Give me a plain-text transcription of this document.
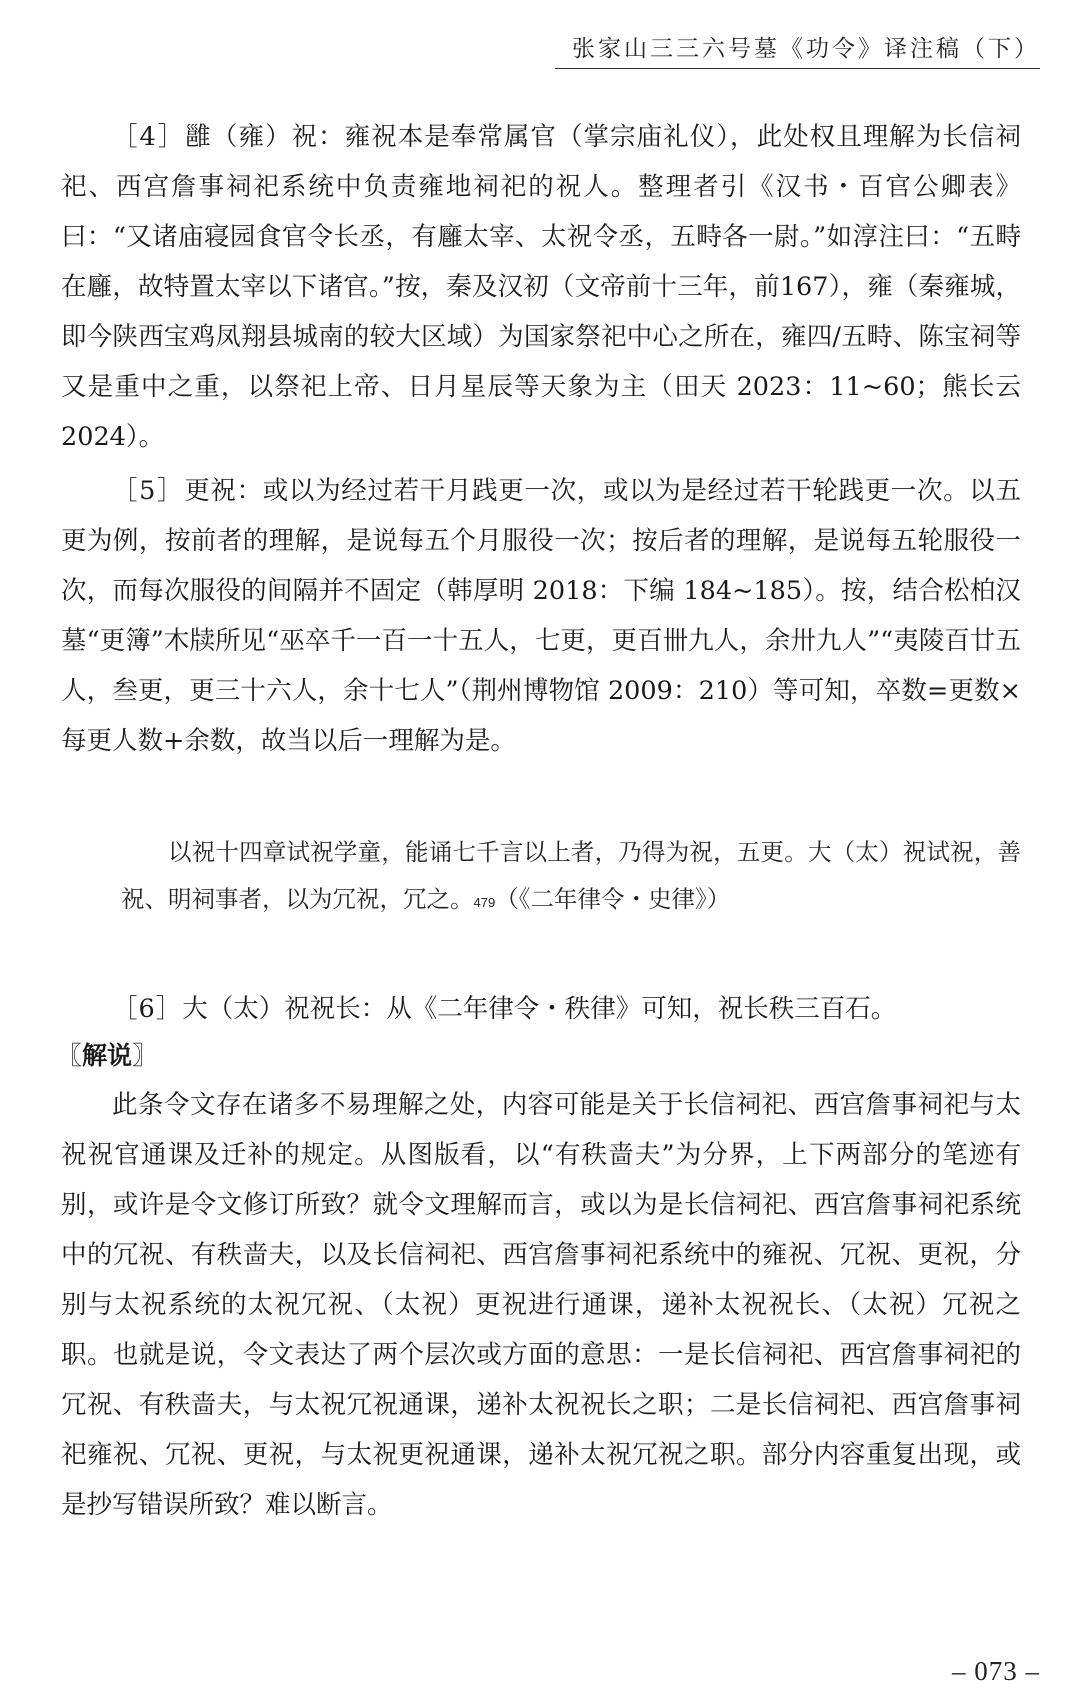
张家山三三六号墓《功令》译注稿（下）

［4］雝（雍）祝：雍祝本是奉常属官（掌宗庙礼仪），此处权且理解为长信祠祀、西宫詹事祠祀系统中负责雍地祠祀的祝人。整理者引《汉书・百官公卿表》曰：“又诸庙寝园食官令长丞，有廱太宰、太祝令丞，五畤各一尉。”如淳注曰：“五畤在廱，故特置太宰以下诸官。”按，秦及汉初（文帝前十三年，前167），雍（秦雍城，即今陕西宝鸡凤翔县城南的较大区域）为国家祭祀中心之所在，雍四/五畤、陈宝祠等又是重中之重，以祭祀上帝、日月星辰等天象为主（田天 2023：11~60；熊长云 2024）。

［5］更祝：或以为经过若干月践更一次，或以为是经过若干轮践更一次。以五更为例，按前者的理解，是说每五个月服役一次；按后者的理解，是说每五轮服役一次，而每次服役的间隔并不固定（韩厚明 2018：下编 184~185）。按，结合松柏汉墓“更簿”木牍所见“巫卒千一百一十五人，七更，更百卌九人，余卅九人”“夷陵百廿五人，叁更，更三十六人，余十七人”（荆州博物馆 2009：210）等可知，卒数=更数×每更人数+余数，故当以后一理解为是。

以祝十四章试祝学童，能诵七千言以上者，乃得为祝，五更。大（太）祝试祝，善祝、明祠事者，以为冗祝，冗之。479（《二年律令・史律》）

［6］大（太）祝祝长：从《二年律令・秩律》可知，祝长秩三百石。

〖解说〗

此条令文存在诸多不易理解之处，内容可能是关于长信祠祀、西宫詹事祠祀与太祝祝官通课及迁补的规定。从图版看，以“有秩啬夫”为分界，上下两部分的笔迹有别，或许是令文修订所致？就令文理解而言，或以为是长信祠祀、西宫詹事祠祀系统中的冗祝、有秩啬夫，以及长信祠祀、西宫詹事祠祀系统中的雍祝、冗祝、更祝，分别与太祝系统的太祝冗祝、（太祝）更祝进行通课，递补太祝祝长、（太祝）冗祝之职。也就是说，令文表达了两个层次或方面的意思：一是长信祠祀、西宫詹事祠祀的冗祝、有秩啬夫，与太祝冗祝通课，递补太祝祝长之职；二是长信祠祀、西宫詹事祠祀雍祝、冗祝、更祝，与太祝更祝通课，递补太祝冗祝之职。部分内容重复出现，或是抄写错误所致？难以断言。

– 073 –
